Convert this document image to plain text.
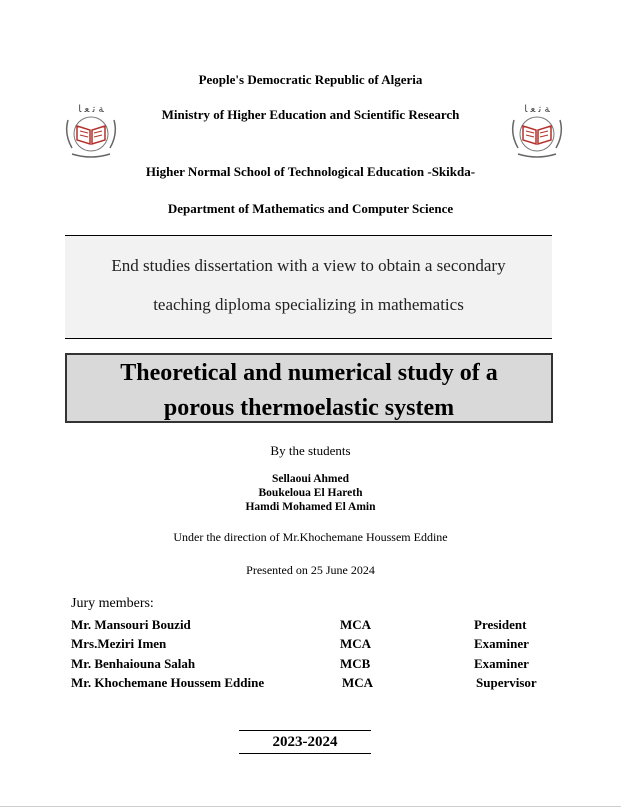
People's Democratic Republic of Algeria
Ministry of Higher Education and Scientific Research
ﺔ ﺗ ﻌ ﺎ	ﺔ ﺗ ﻌ ﺎ
Higher Normal School of Technological Education -Skikda-
Department of Mathematics and Computer Science
End studies dissertation with a view to obtain a secondary
teaching diploma specializing in mathematics
Theoretical and numerical study of a
porous thermoelastic system
By the students
Sellaoui Ahmed
Boukeloua El Hareth
Hamdi Mohamed El Amin
Under the direction of Mr.Khochemane Houssem Eddine
Presented on 25 June 2024
Jury members:
Mr. Mansouri Bouzid	MCA	President
Mrs.Meziri Imen	MCA	Examiner
Mr. Benhaiouna Salah	MCB	Examiner
Mr. Khochemane Houssem Eddine	MCA	Supervisor
2023-2024
